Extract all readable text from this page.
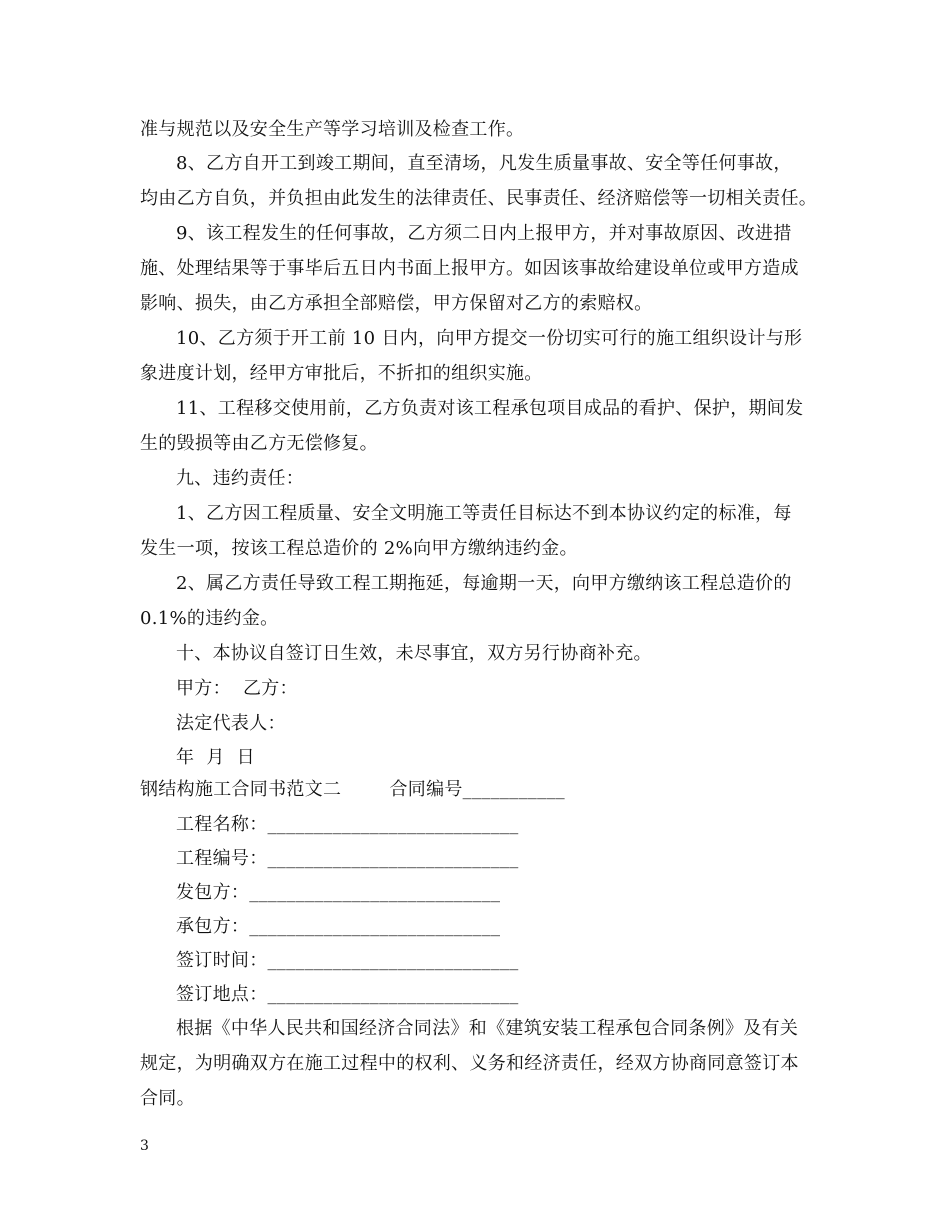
准与规范以及安全生产等学习培训及检查工作。
8、乙方自开工到竣工期间，直至清场，凡发生质量事故、安全等任何事故，
均由乙方自负，并负担由此发生的法律责任、民事责任、经济赔偿等一切相关责任。
9、该工程发生的任何事故，乙方须二日内上报甲方，并对事故原因、改进措
施、处理结果等于事毕后五日内书面上报甲方。如因该事故给建设单位或甲方造成
影响、损失，由乙方承担全部赔偿，甲方保留对乙方的索赔权。
10、乙方须于开工前 10 日内，向甲方提交一份切实可行的施工组织设计与形
象进度计划，经甲方审批后，不折扣的组织实施。
11、工程移交使用前，乙方负责对该工程承包项目成品的看护、保护，期间发
生的毁损等由乙方无偿修复。
九、违约责任：
1、乙方因工程质量、安全文明施工等责任目标达不到本协议约定的标准，每
发生一项，按该工程总造价的 2%向甲方缴纳违约金。
2、属乙方责任导致工程工期拖延，每逾期一天，向甲方缴纳该工程总造价的
0.1%的违约金。
十、本协议自签订日生效，未尽事宜，双方另行协商补充。
甲方：  乙方：
法定代表人：
年  月  日
钢结构施工合同书范文二        合同编号___________
工程名称：___________________________
工程编号：___________________________
发包方：___________________________
承包方：___________________________
签订时间：___________________________
签订地点：___________________________
根据《中华人民共和国经济合同法》和《建筑安装工程承包合同条例》及有关
规定，为明确双方在施工过程中的权利、义务和经济责任，经双方协商同意签订本
合同。
3
